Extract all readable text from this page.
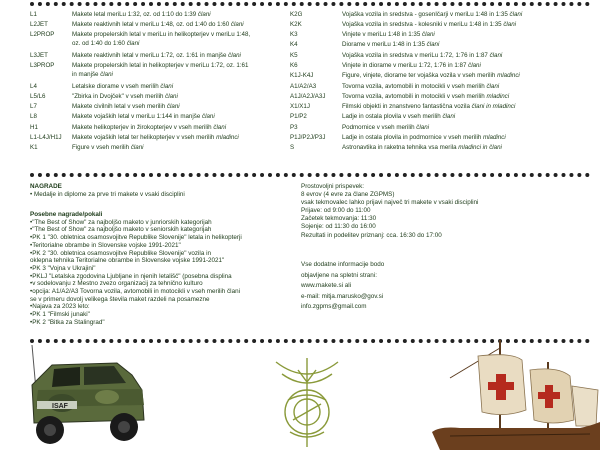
L1	Makete letal meriLu 1:32, oz. od 1:10 do 1:39 člani
L2JET	Makete reaktivnih letal v meriLu 1:48, oz. od 1:40 do 1:60 člani
L2PROP	Makete propelerskih letal v meriLu in helikopterjev v meriLu 1:48,
oz. od 1:40 do 1:60 člani
L3JET	Makete reaktivnih letal v meriLu 1:72, oz. 1:61 in manjše člani
L3PROP	Makete propelerskih letal in helikopterjev v meriLu 1:72, oz. 1:61
in manjše člani
L4	Letalske diorame v vseh merilih člani
L5/L6	"Zbirka in Dvojček" v vseh merilih člani
L7	Makete civilnih letal v vseh merilih člani
L8	Makete vojaških letal v meriLu 1:144 in manjše člani
H1	Makete helikopterjev in žirokopterjev v vseh merilih člani
L1-L4J/H1J Makete vojaških letal ter helikopterjev v vseh merilih mladinci
K1	Figure v vseh merilih člani
K2G	Vojaška vozila in sredstva - gosenIčarji v meriLu 1:48 in 1:35 člani
K2K	Vojaška vozila in sredstva - kolesniki v meriLu 1:48 in 1:35 člani
K3	Vinjete v meriLu 1:48 in 1:35 člani
K4	Diorame v meriLu 1:48 in 1:35 člani
K5	Vojaška vozila in sredstva v meriLu 1:72, 1:76 in 1:87 člani
K6	Vinjete in diorame v meriLu 1:72, 1:76 in 1:87 člani
K1J-K4J	Figure, vinjete, diorame ter vojaška vozila v vseh merilih mladinci
A1/A2/A3	Tovorna vozila, avtomobili in motocikli v vseh merilih člani
A1J/A2J/A3J	Tovorna vozila, avtomobili in motocikli v vseh merilih mladinci
X1/X1J	Filmski objekti in znanstveno fantastična vozila člani in mladinci
P1/P2	Ladje in ostala plovila v vseh merilih člani
P3	Podmornice v vseh merilih člani
P1J/P2J/P3J	Ladje in ostala plovila in podmornice v vseh merilih mladinci
S	Astronavtika in raketna tehnika vsa merila mladinci in člani
NAGRADE
• Medalje in diplome za prve tri makete v vsaki disciplini
Posebne nagrade/pokali
•"The Best of Show" za najboljšo maketo v junriorskih kategorijah
•"The Best of Show" za najboljšo maketo v seniorskih kategorijah
•PK 1 "30. obletnica osamosvojitve Republike Slovenije" letala in helikopterji
•Teritorialne obrambe in Slovenske vojske 1991-2021"
•PK 2 "30. obletnica osamosvojitve Republike Slovenije" vozila in
oklepna tehnika Teritorialne obrambe in Slovenske vojske 1991-2021"
•PK 3 "Vojna v Ukrajini"
•PKLJ "Letalska zgodovina Ljubljane in njenih letališč" (posebna displina
•v sodelovanju z Mestno zvezo organizacij za tehnično kulturo
•opcija: A1/A2/A3 Tovorna vozila, avtomobili in motocikli v vseh merilih člani
se v primeru dovolj velikega števila maket razdeli na posamezne
•Najava za 2023 leto:
•PK 1 "Filmski junaki"
•PK 2 "Bitka za Stalingrad"
Prostovoljni prispevek:
8 evrov (4 evre za člane ZGPMS)
vsak tekmovalec lahko prijavi največ tri makete v vsaki disciplini
Prijave: od 9:00 do 11:00
Začetek tekmovanja: 11:30
Sojenje: od 11:30 do 16:00
Rezultati in podelitev priznanj: cca. 16:30 do 17:00
Vse dodatne informacije bodo
objavljene na spletni strani:
www.makete.si ali
e-mail: mitja.marusko@gov.si
info.zgpms@gmail.com
ISAF
